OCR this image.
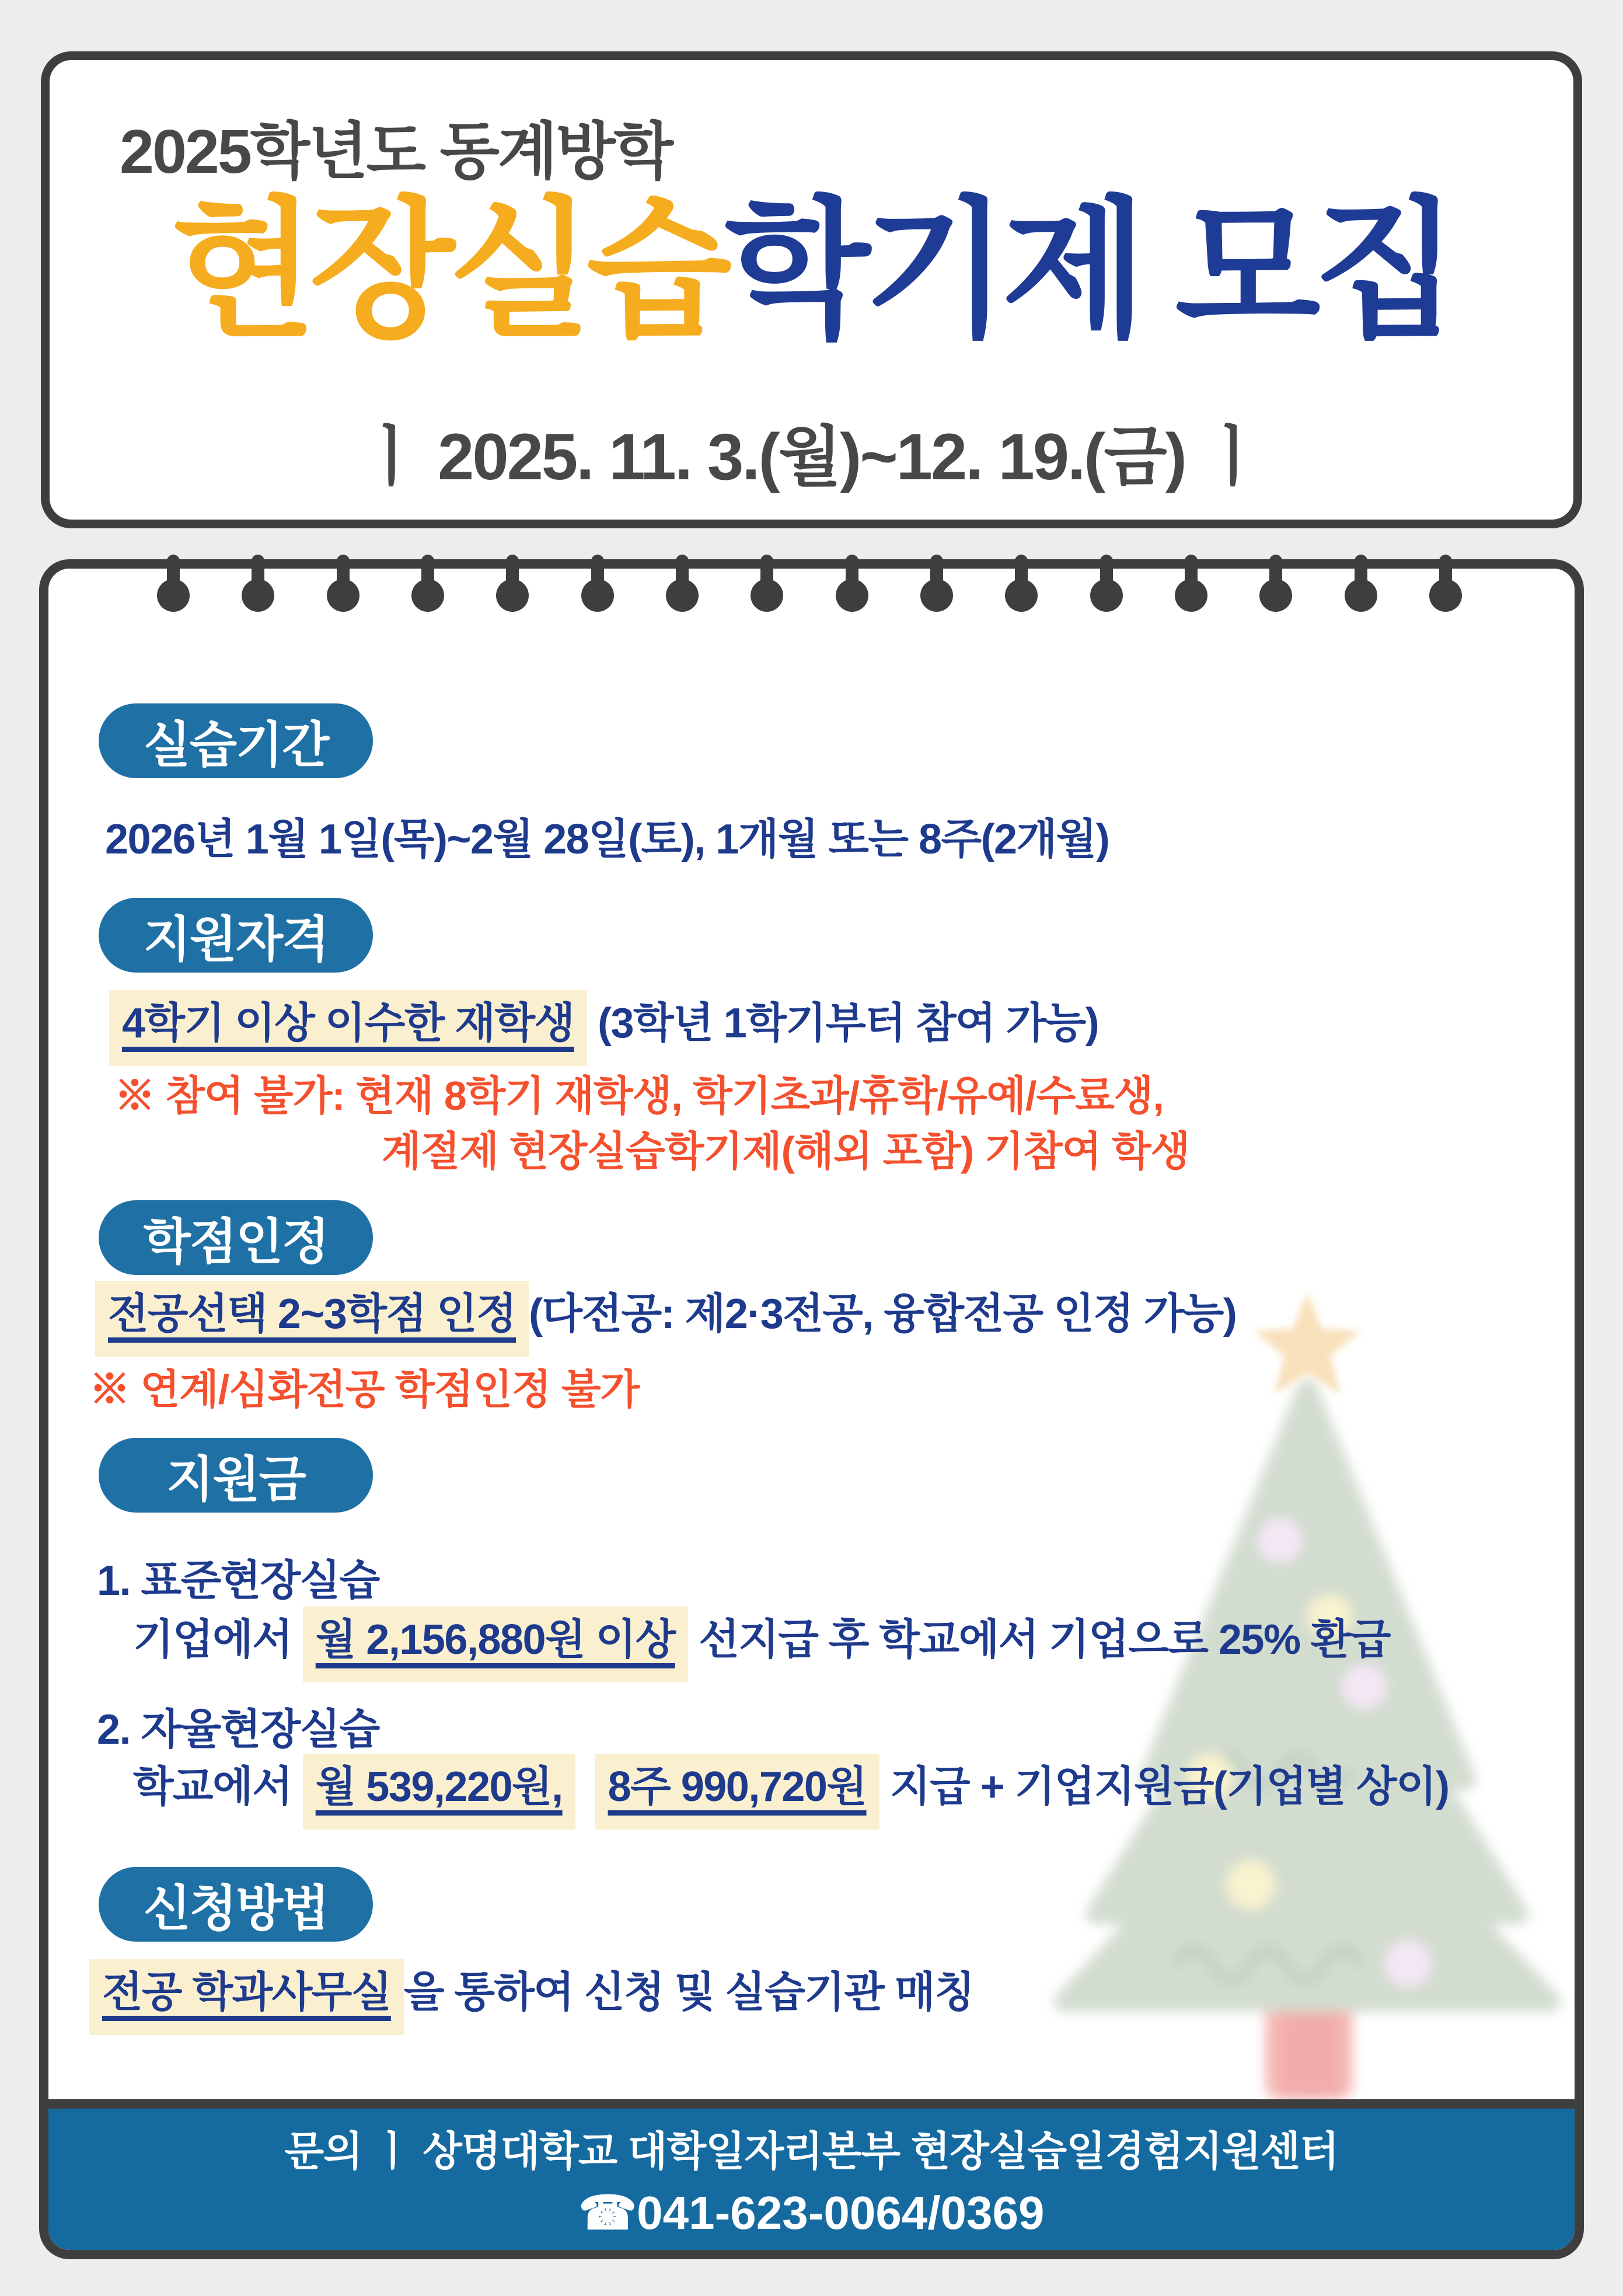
2025학년도 동계방학
현장실습학기제 모집
ㅣ 2025. 11. 3.(월)~12. 19.(금) ㅣ
실습기간
2026년 1월 1일(목)~2월 28일(토), 1개월 또는 8주(2개월)
지원자격
4학기 이상 이수한 재학생 (3학년 1학기부터 참여 가능)
※ 참여 불가: 현재 8학기 재학생, 학기초과/휴학/유예/수료생,
계절제 현장실습학기제(해외 포함) 기참여 학생
학점인정
전공선택 2~3학점 인정 (다전공: 제2·3전공, 융합전공 인정 가능)
※ 연계/심화전공 학점인정 불가
지원금
1. 표준현장실습
기업에서 월 2,156,880원 이상 선지급 후 학교에서 기업으로 25% 환급
2. 자율현장실습
학교에서 월 539,220원, 8주 990,720원 지급 + 기업지원금(기업별 상이)
신청방법
전공 학과사무실 을 통하여 신청 및 실습기관 매칭
문의 ㅣ 상명대학교 대학일자리본부 현장실습일경험지원센터
☎041-623-0064/0369
